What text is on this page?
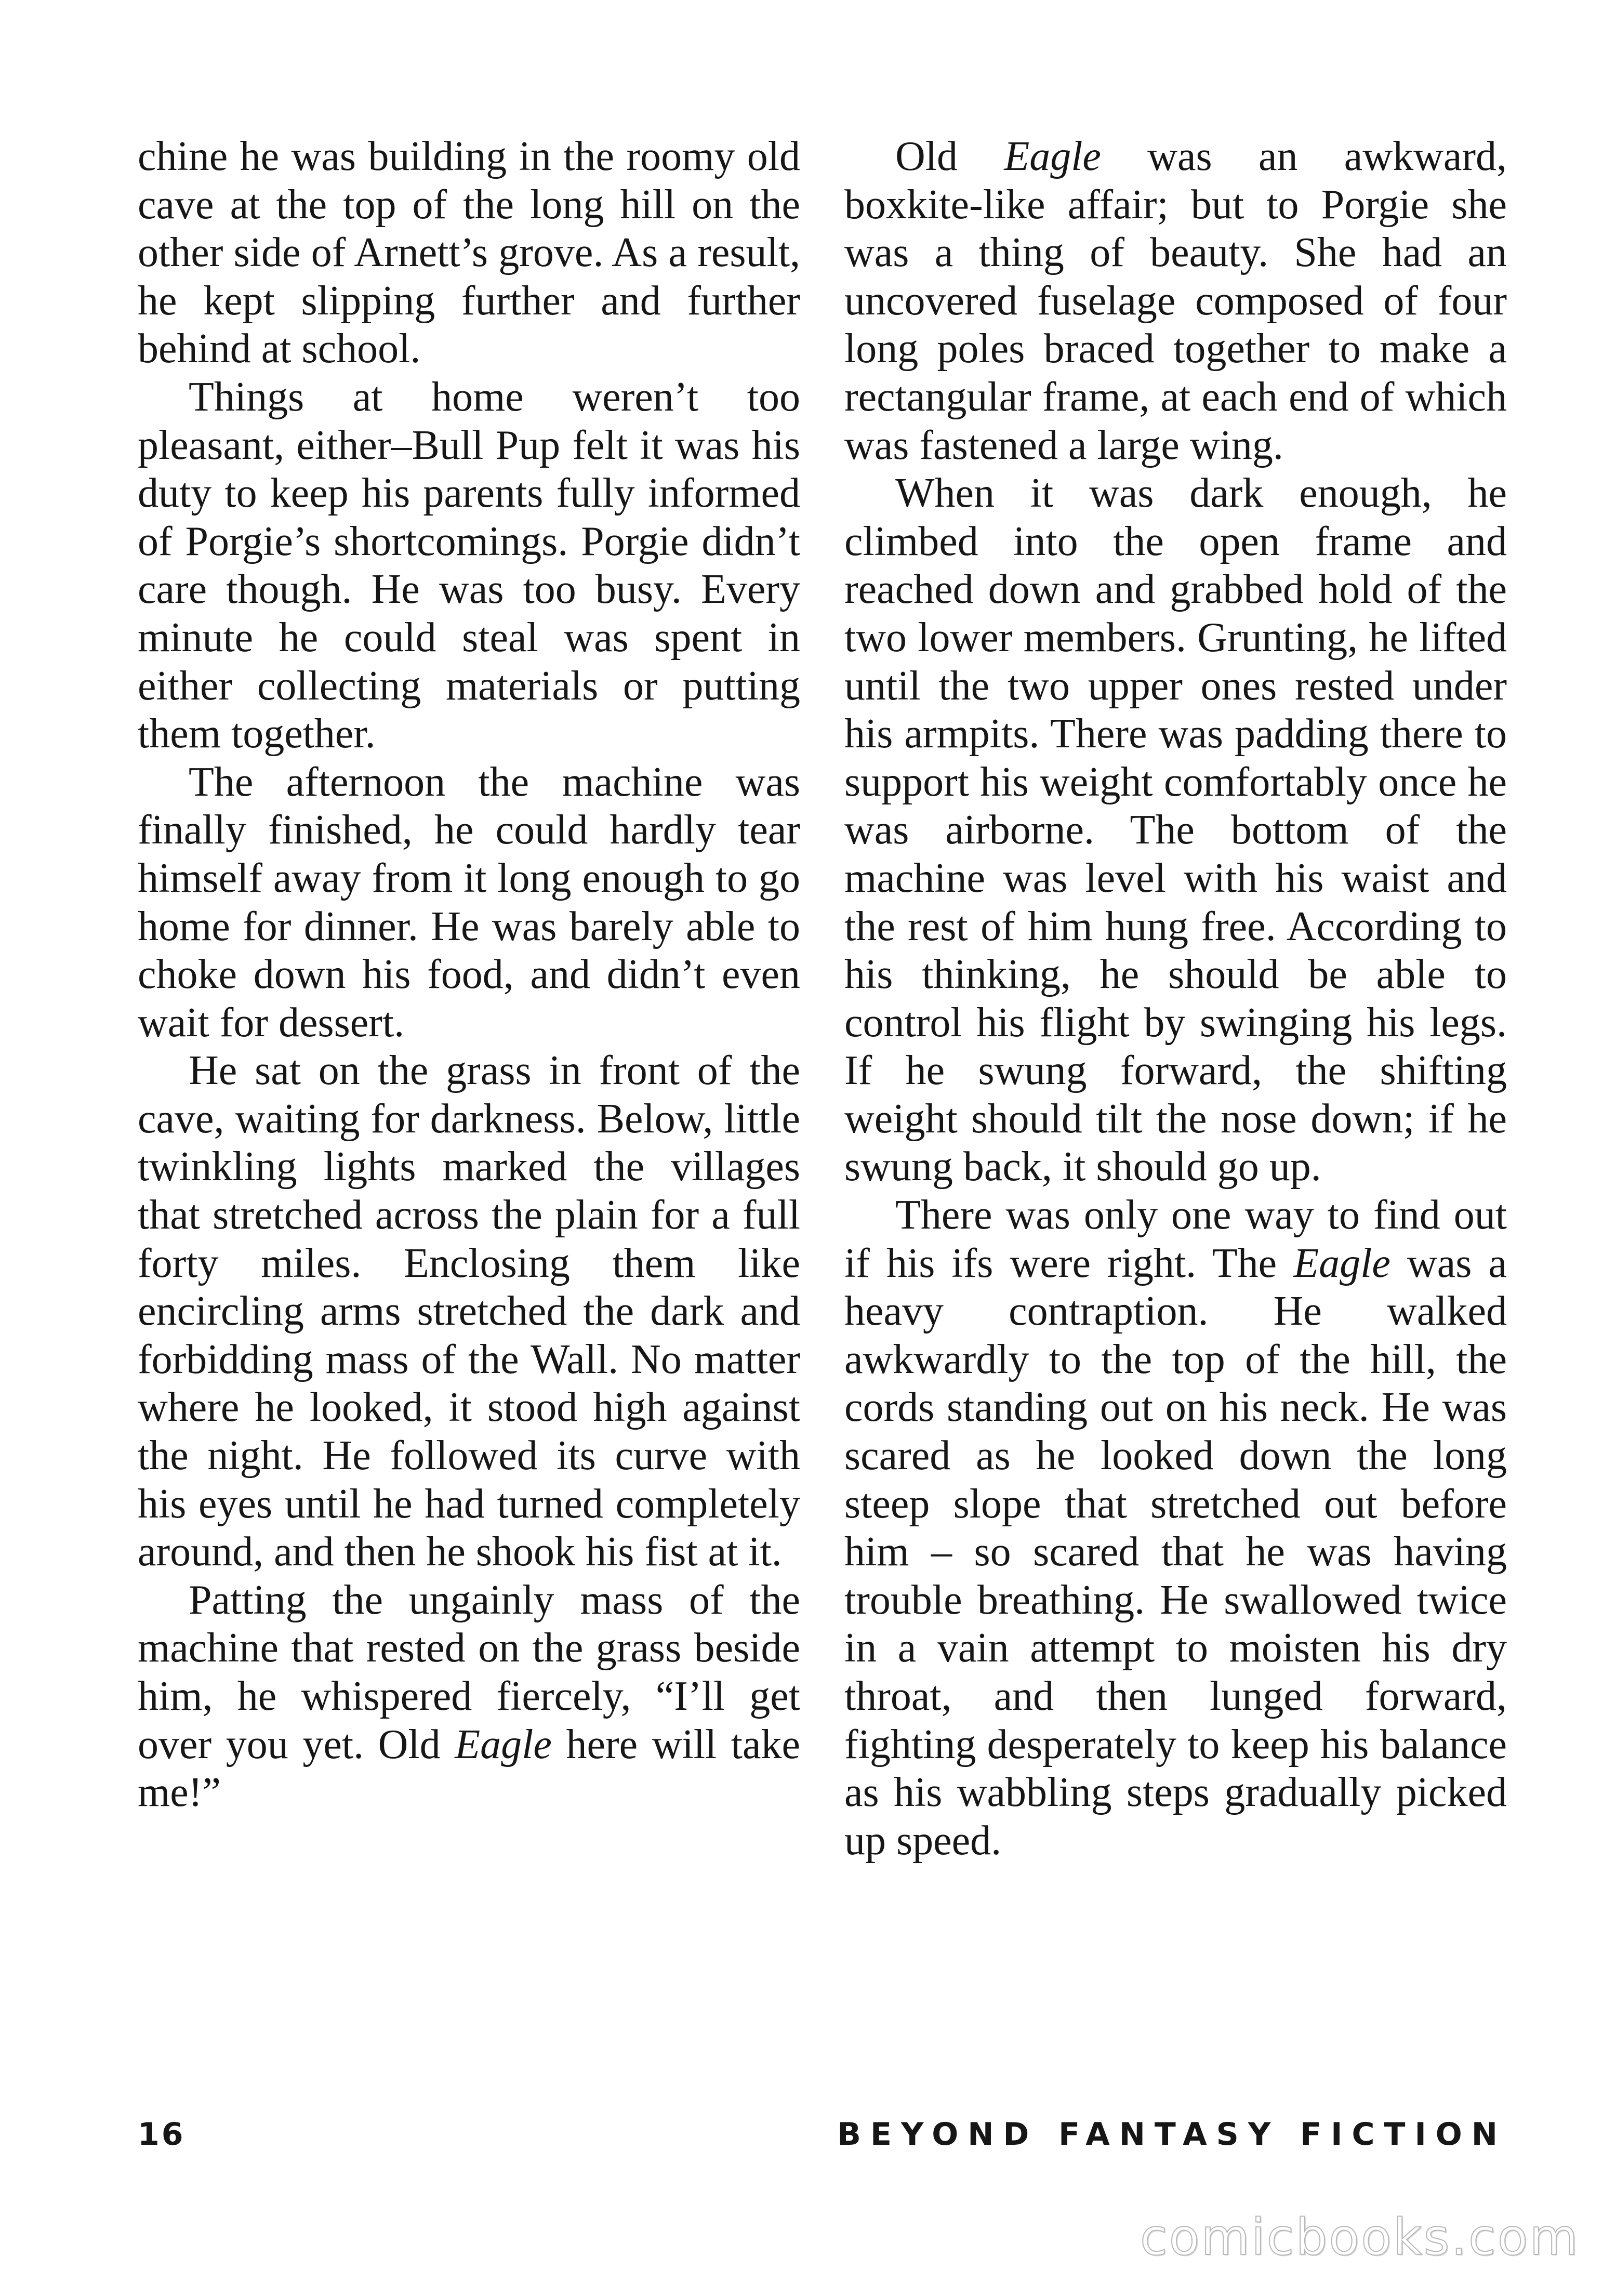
chine he was building in the roomy old cave at the top of the long hill on the other side of Arnett’s grove. As a result, he kept slipping further and further behind at school.

Things at home weren’t too pleasant, either–Bull Pup felt it was his duty to keep his parents fully informed of Porgie’s shortcomings. Porgie didn’t care though. He was too busy. Every minute he could steal was spent in either collecting materials or putting them together.

The afternoon the machine was finally finished, he could hardly tear himself away from it long enough to go home for dinner. He was barely able to choke down his food, and didn’t even wait for dessert.

He sat on the grass in front of the cave, waiting for darkness. Below, little twinkling lights marked the villages that stretched across the plain for a full forty miles. Enclosing them like encircling arms stretched the dark and forbidding mass of the Wall. No matter where he looked, it stood high against the night. He followed its curve with his eyes until he had turned completely around, and then he shook his fist at it.

Patting the ungainly mass of the machine that rested on the grass beside him, he whispered fiercely, “I’ll get over you yet. Old Eagle here will take me!”

Old Eagle was an awkward, boxkite-like affair; but to Porgie she was a thing of beauty. She had an uncovered fuselage composed of four long poles braced together to make a rectangular frame, at each end of which was fastened a large wing.

When it was dark enough, he climbed into the open frame and reached down and grabbed hold of the two lower members. Grunting, he lifted until the two upper ones rested under his armpits. There was padding there to support his weight comfortably once he was airborne. The bottom of the machine was level with his waist and the rest of him hung free. According to his thinking, he should be able to control his flight by swinging his legs. If he swung forward, the shifting weight should tilt the nose down; if he swung back, it should go up.

There was only one way to find out if his ifs were right. The Eagle was a heavy contraption. He walked awkwardly to the top of the hill, the cords standing out on his neck. He was scared as he looked down the long steep slope that stretched out before him – so scared that he was having trouble breathing. He swallowed twice in a vain attempt to moisten his dry throat, and then lunged forward, fighting desperately to keep his balance as his wabbling steps gradually picked up speed.

16	BEYOND FANTASY FICTION
comicbooks.com
